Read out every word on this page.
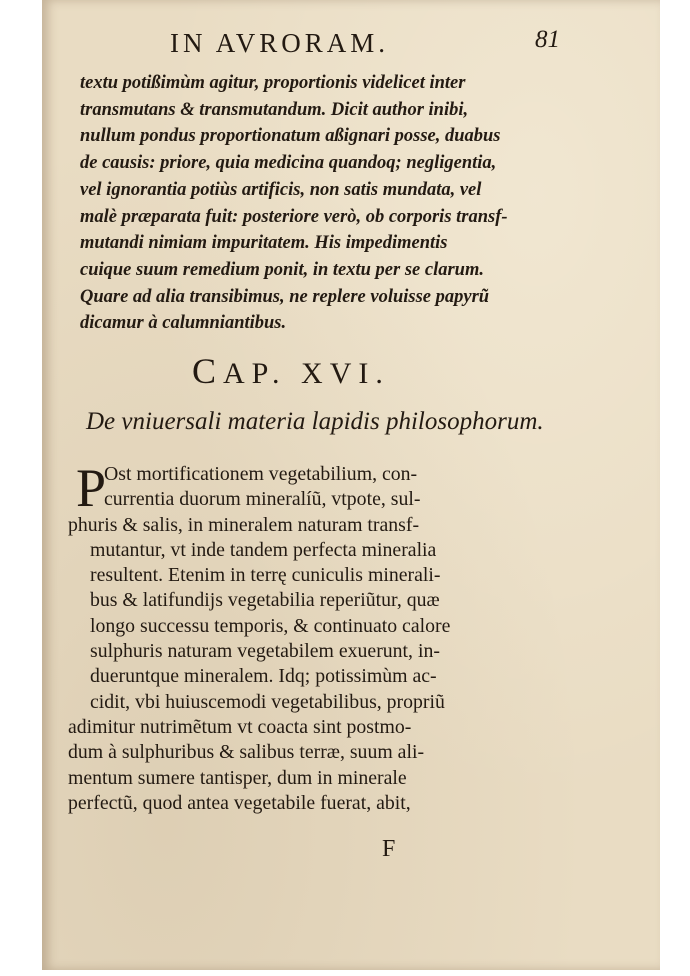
IN AVRORAM.	81
textu potißimùm agitur, proportionis videlicet inter
transmutans & transmutandum. Dicit author inibi,
nullum pondus proportionatum aßignari posse, duabus
de causis: priore, quia medicina quandoq; negligentia,
vel ignorantia potiùs artificis, non satis mundata, vel
malè præparata fuit: posteriore verò, ob corporis transf-
mutandi nimiam impuritatem. His impedimentis
cuique suum remedium ponit, in textu per se clarum.
Quare ad alia transibimus, ne replere voluisse papyrũ
dicamur à calumniantibus.
CAP. XVI.
De vniuersali materia lapidis philosophorum.
P
Ost mortificationem vegetabilium, con-
currentia duorum mineralíũ, vtpote, sul-
phuris & salis, in mineralem naturam transf-
mutantur, vt inde tandem perfecta mineralia
resultent. Etenim in terrę cuniculis minerali-
bus & latifundijs vegetabilia reperiũtur, quæ
longo successu temporis, & continuato calore
sulphuris naturam vegetabilem exuerunt, in-
dueruntque mineralem. Idq; potissimùm ac-
cidit, vbi huiuscemodi vegetabilibus, propriũ
adimitur nutrimẽtum vt coacta sint postmo-
dum à sulphuribus & salibus terræ, suum ali-
mentum sumere tantisper, dum in minerale
perfectũ, quod antea vegetabile fuerat, abit,
F
